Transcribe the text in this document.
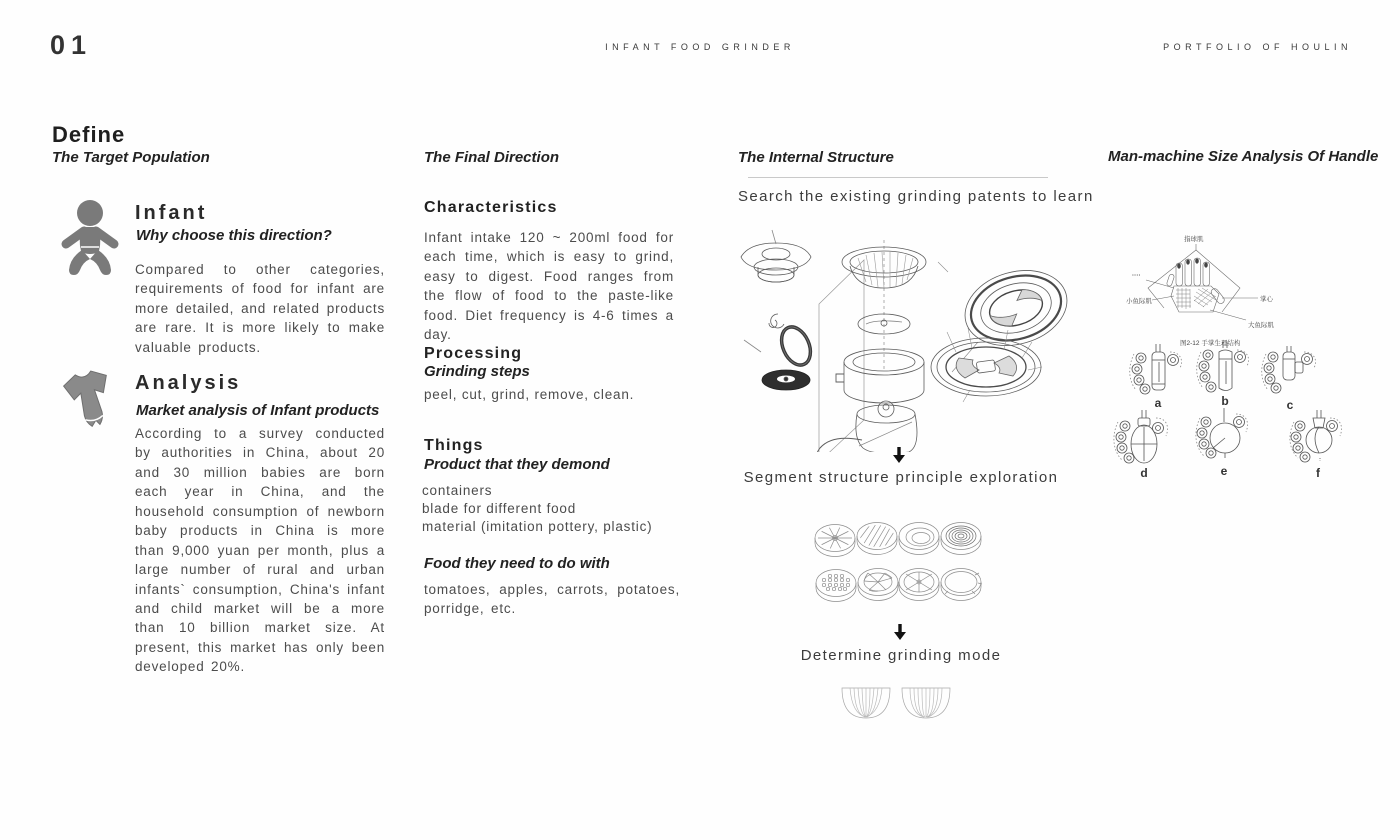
01	INFANT FOOD GRINDER	PORTFOLIO OF HOULIN
Define
The Target Population
Infant
Why choose this direction?
Compared to other categories, requirements of food for infant are more detailed, and related products are rare. It is more likely to make valuable products.
Analysis
Market analysis of Infant products
According to a survey conducted by authorities in China, about 20 and 30 million babies are born each year in China, and the household consumption of newborn baby products in China is more than 9,000 yuan per month, plus a large number of rural and urban infants` consumption, China's infant and child market will be a more than 10 billion market size. At present, this market has only been developed 20%.
The Final Direction
Characteristics
Infant intake 120 ~ 200ml food for each time, which is easy to grind, easy to digest. Food ranges from the flow of food to the paste-like food. Diet frequency is 4-6 times a day.
Processing
Grinding steps
peel, cut, grind, remove, clean.
Things
Product that they demond
containers
blade for different food
material (imitation pottery, plastic)
Food they need to do with
tomatoes, apples, carrots, potatoes, porridge, etc.
The Internal Structure
Search the existing grinding patents to learn
Segment structure principle exploration
Determine grinding mode
Man-machine Size Analysis Of Handle
指球肌
····
小鱼际肌	掌心
大鱼际肌
图2-12 手掌生理结构
a	b	c
d	e	f
